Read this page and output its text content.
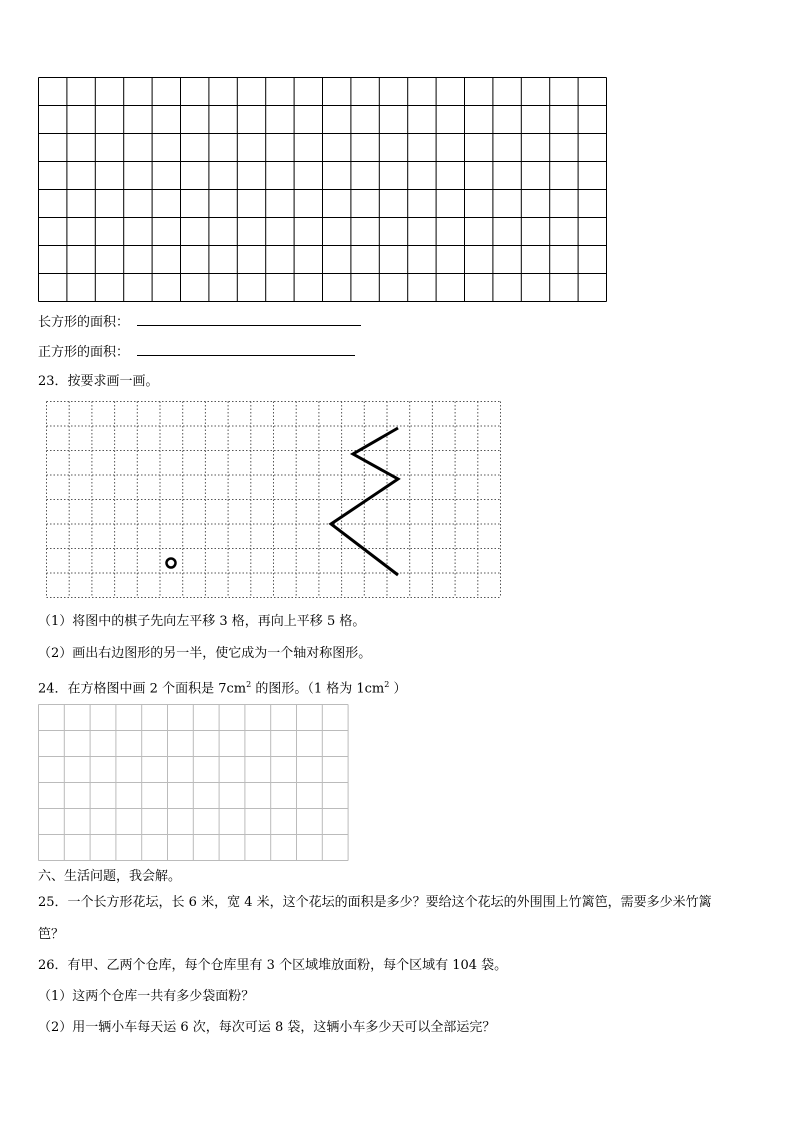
长方形的面积：
正方形的面积：
23．按要求画一画。
（1）将图中的棋子先向左平移 3 格，再向上平移 5 格。
（2）画出右边图形的另一半，使它成为一个轴对称图形。
24．在方格图中画 2 个面积是 $7cm^2$ 的图形。（1 格为 $1cm^2$ ）
六、生活问题，我会解。
25．一个长方形花坛，长 6 米，宽 4 米，这个花坛的面积是多少？要给这个花坛的外围围上竹篱笆，需要多少米竹篱
笆？
26．有甲、乙两个仓库，每个仓库里有 3 个区域堆放面粉，每个区域有 104 袋。
（1）这两个仓库一共有多少袋面粉？
（2）用一辆小车每天运 6 次，每次可运 8 袋，这辆小车多少天可以全部运完？
